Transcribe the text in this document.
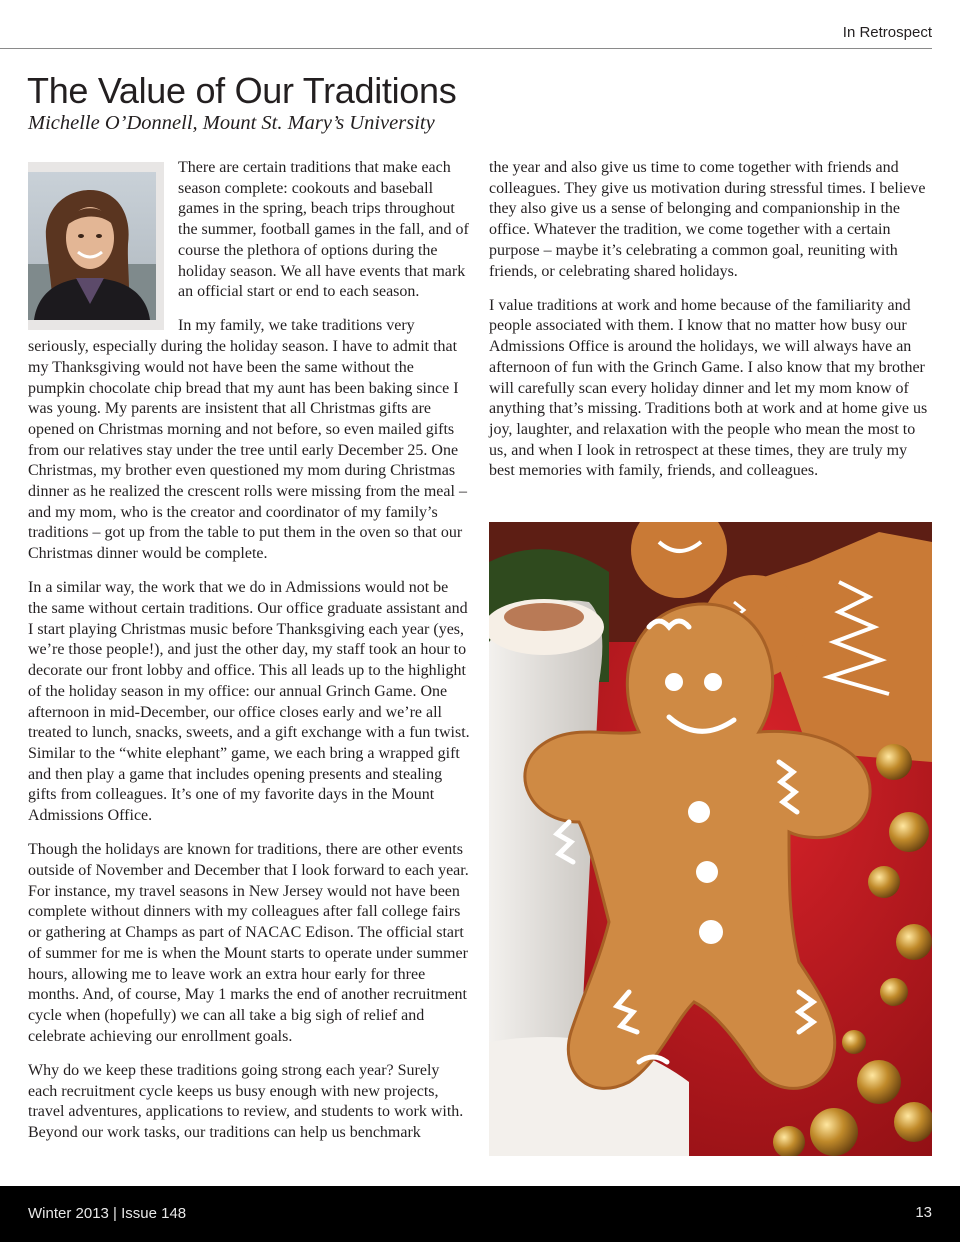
In Retrospect
The Value of Our Traditions
Michelle O’Donnell, Mount St. Mary’s University

There are certain traditions that make each season complete: cookouts and baseball games in the spring, beach trips throughout the summer, football games in the fall, and of course the plethora of options during the holiday season. We all have events that mark an official start or end to each season.

In my family, we take traditions very seriously, especially during the holiday season. I have to admit that my Thanksgiving would not have been the same without the pumpkin chocolate chip bread that my aunt has been baking since I was young. My parents are insistent that all Christmas gifts are opened on Christmas morning and not before, so even mailed gifts from our relatives stay under the tree until early December 25. One Christmas, my brother even questioned my mom during Christmas dinner as he realized the crescent rolls were missing from the meal – and my mom, who is the creator and coordinator of my family’s traditions – got up from the table to put them in the oven so that our Christmas dinner would be complete.

In a similar way, the work that we do in Admissions would not be the same without certain traditions. Our office graduate assistant and I start playing Christmas music before Thanksgiving each year (yes, we’re those people!), and just the other day, my staff took an hour to decorate our front lobby and office. This all leads up to the highlight of the holiday season in my office: our annual Grinch Game. One afternoon in mid-December, our office closes early and we’re all treated to lunch, snacks, sweets, and a gift exchange with a fun twist. Similar to the “white elephant” game, we each bring a wrapped gift and then play a game that includes opening presents and stealing gifts from colleagues. It’s one of my favorite days in the Mount Admissions Office.

Though the holidays are known for traditions, there are other events outside of November and December that I look forward to each year. For instance, my travel seasons in New Jersey would not have been complete without dinners with my colleagues after fall college fairs or gathering at Champs as part of NACAC Edison. The official start of summer for me is when the Mount starts to operate under summer hours, allowing me to leave work an extra hour early for three months. And, of course, May 1 marks the end of another recruitment cycle when (hopefully) we can all take a big sigh of relief and celebrate achieving our enrollment goals.

Why do we keep these traditions going strong each year? Surely each recruitment cycle keeps us busy enough with new projects, travel adventures, applications to review, and students to work with. Beyond our work tasks, our traditions can help us benchmark

the year and also give us time to come together with friends and colleagues. They give us motivation during stressful times. I believe they also give us a sense of belonging and companionship in the office. Whatever the tradition, we come together with a certain purpose – maybe it’s celebrating a common goal, reuniting with friends, or celebrating shared holidays.

I value traditions at work and home because of the familiarity and people associated with them. I know that no matter how busy our Admissions Office is around the holidays, we will always have an afternoon of fun with the Grinch Game. I also know that my brother will carefully scan every holiday dinner and let my mom know of anything that’s missing. Traditions both at work and at home give us joy, laughter, and relaxation with the people who mean the most to us, and when I look in retrospect at these times, they are truly my best memories with family, friends, and colleagues.

Winter 2013 | Issue 148	13
